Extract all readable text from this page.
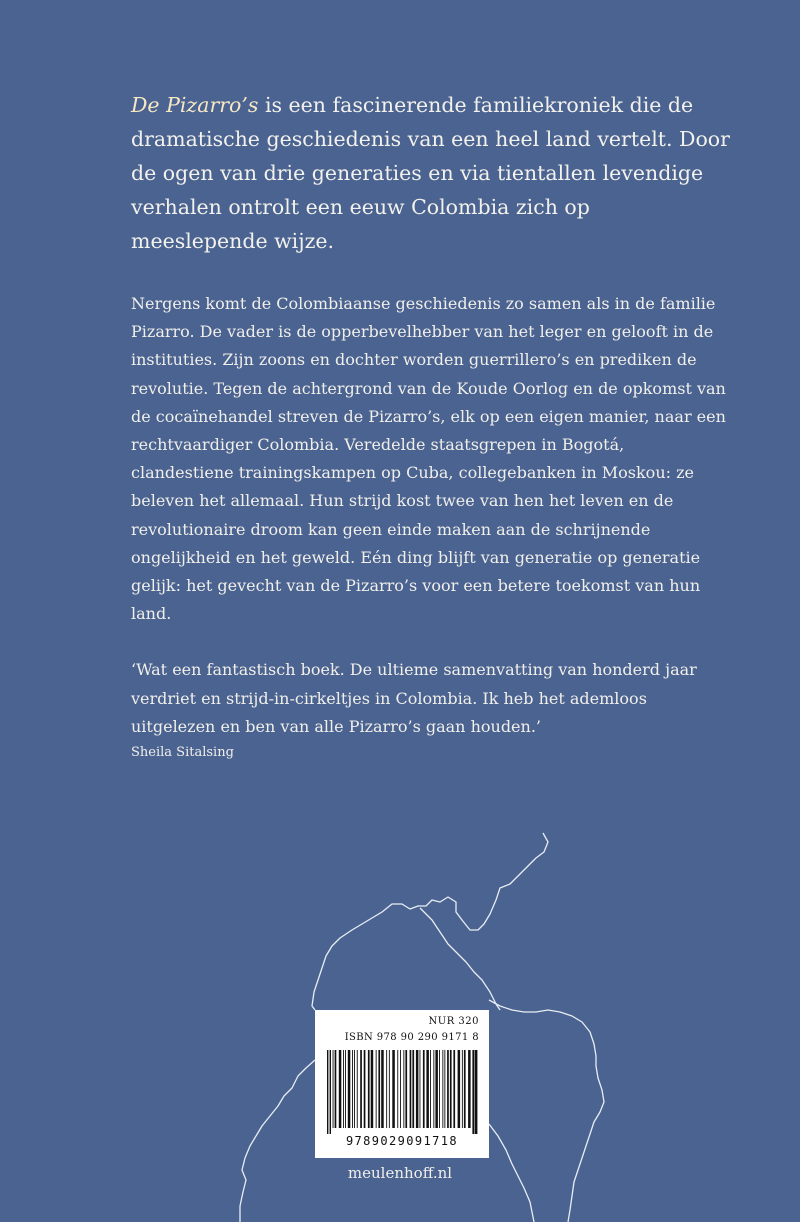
De Pizarro’s is een fascinerende familiekroniek die de dramatische geschiedenis van een heel land vertelt. Door de ogen van drie generaties en via tientallen levendige verhalen ontrolt een eeuw Colombia zich op meeslepende wijze.

Nergens komt de Colombiaanse geschiedenis zo samen als in de familie Pizarro. De vader is de opperbevelhebber van het leger en gelooft in de instituties. Zijn zoons en dochter worden guerrillero’s en prediken de revolutie. Tegen de achtergrond van de Koude Oorlog en de opkomst van de cocaïnehandel streven de Pizarro’s, elk op een eigen manier, naar een rechtvaardiger Colombia. Veredelde staatsgrepen in Bogotá, clandestiene trainingskampen op Cuba, collegebanken in Moskou: ze beleven het allemaal. Hun strijd kost twee van hen het leven en de revolutionaire droom kan geen einde maken aan de schrijnende ongelijkheid en het geweld. Eén ding blijft van generatie op generatie gelijk: het gevecht van de Pizarro’s voor een betere toekomst van hun land.

‘Wat een fantastisch boek. De ultieme samenvatting van honderd jaar verdriet en strijd-in-cirkeltjes in Colombia. Ik heb het ademloos uitgelezen en ben van alle Pizarro’s gaan houden.’

Sheila Sitalsing

NUR 320
ISBN 978 90 290 9171 8
9789029091718
meulenhoff.nl
